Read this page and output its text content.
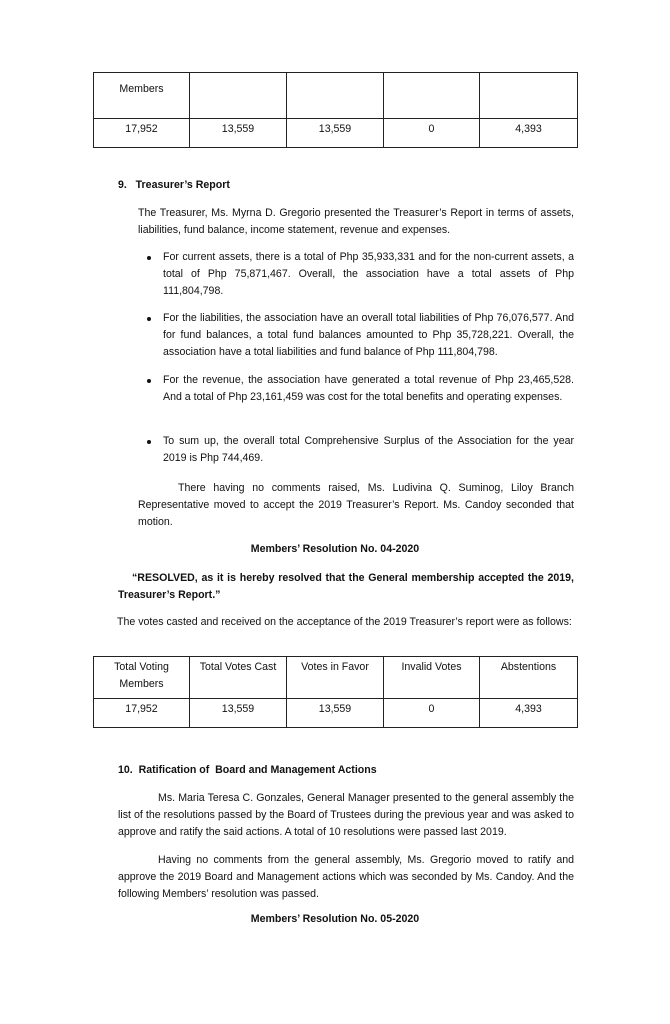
Members				
17,952	13,559	13,559	0	4,393
9.   Treasurer’s Report
The Treasurer, Ms. Myrna D. Gregorio presented the Treasurer’s Report in terms of assets, liabilities, fund balance, income statement, revenue and expenses.
For current assets, there is a total of Php 35,933,331 and for the non-current assets, a total of Php 75,871,467. Overall, the association have a total assets of Php 111,804,798.
For the liabilities, the association have an overall total liabilities of Php 76,076,577. And for fund balances, a total fund balances amounted to Php 35,728,221. Overall, the association have a total liabilities and fund balance of Php 111,804,798.
For the revenue, the association have generated a total revenue of Php 23,465,528. And a total of Php 23,161,459 was cost for the total benefits and operating expenses.
To sum up, the overall total Comprehensive Surplus of the Association for the year 2019 is Php 744,469.
There having no comments raised, Ms. Ludivina Q. Suminog, Liloy Branch Representative moved to accept the 2019 Treasurer’s Report. Ms. Candoy seconded that motion.
Members’ Resolution No. 04-2020
“RESOLVED, as it is hereby resolved that the General membership accepted the 2019, Treasurer’s Report.”
The votes casted and received on the acceptance of the 2019 Treasurer’s report were as follows:
Total Voting Members	Total Votes Cast	Votes in Favor	Invalid Votes	Abstentions
17,952	13,559	13,559	0	4,393
10.  Ratification of  Board and Management Actions
Ms. Maria Teresa C. Gonzales, General Manager presented to the general assembly the list of the resolutions passed by the Board of Trustees during the previous year and was asked to approve and ratify the said actions. A total of 10 resolutions were passed last 2019.
Having no comments from the general assembly, Ms. Gregorio moved to ratify and approve the 2019 Board and Management actions which was seconded by Ms. Candoy. And the following Members’ resolution was passed.
Members’ Resolution No. 05-2020
